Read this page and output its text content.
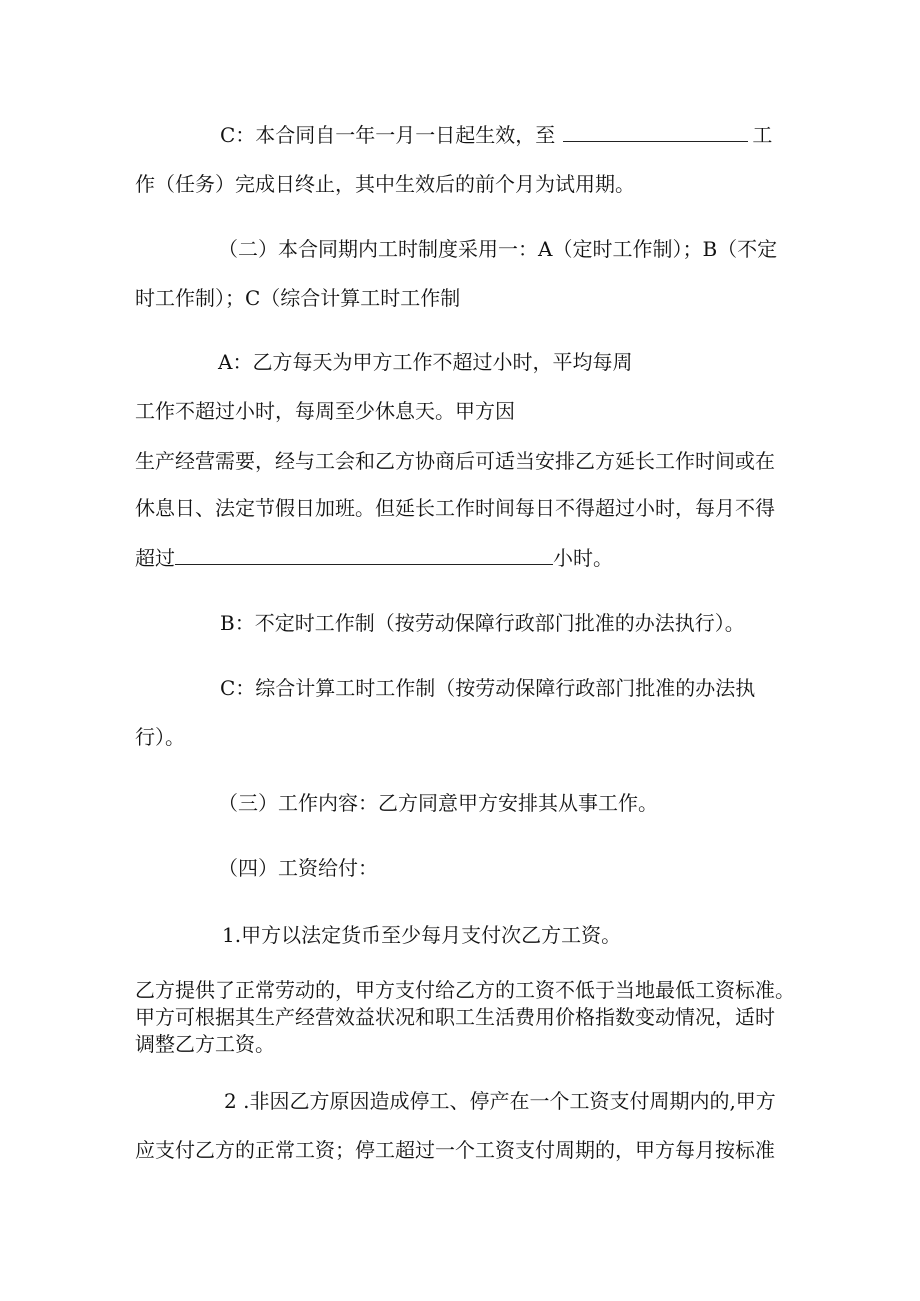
C：本合同自一年一月一日起生效，至	工
作（任务）完成日终止，其中生效后的前个月为试用期。
（二）本合同期内工时制度采用一：A（定时工作制）；B（不定
时工作制）；C（综合计算工时工作制
A：乙方每天为甲方工作不超过小时，平均每周
工作不超过小时，每周至少休息天。甲方因
生产经营需要，经与工会和乙方协商后可适当安排乙方延长工作时间或在
休息日、法定节假日加班。但延长工作时间每日不得超过小时，每月不得
超过	小时。
B：不定时工作制（按劳动保障行政部门批准的办法执行）。
C：综合计算工时工作制（按劳动保障行政部门批准的办法执
行）。
（三）工作内容：乙方同意甲方安排其从事工作。
（四）工资给付：
1.甲方以法定货币至少每月支付次乙方工资。
乙方提供了正常劳动的，甲方支付给乙方的工资不低于当地最低工资标准。
甲方可根据其生产经营效益状况和职工生活费用价格指数变动情况，适时
调整乙方工资。
2 .非因乙方原因造成停工、停产在一个工资支付周期内的,甲方
应支付乙方的正常工资；停工超过一个工资支付周期的，甲方每月按标准
